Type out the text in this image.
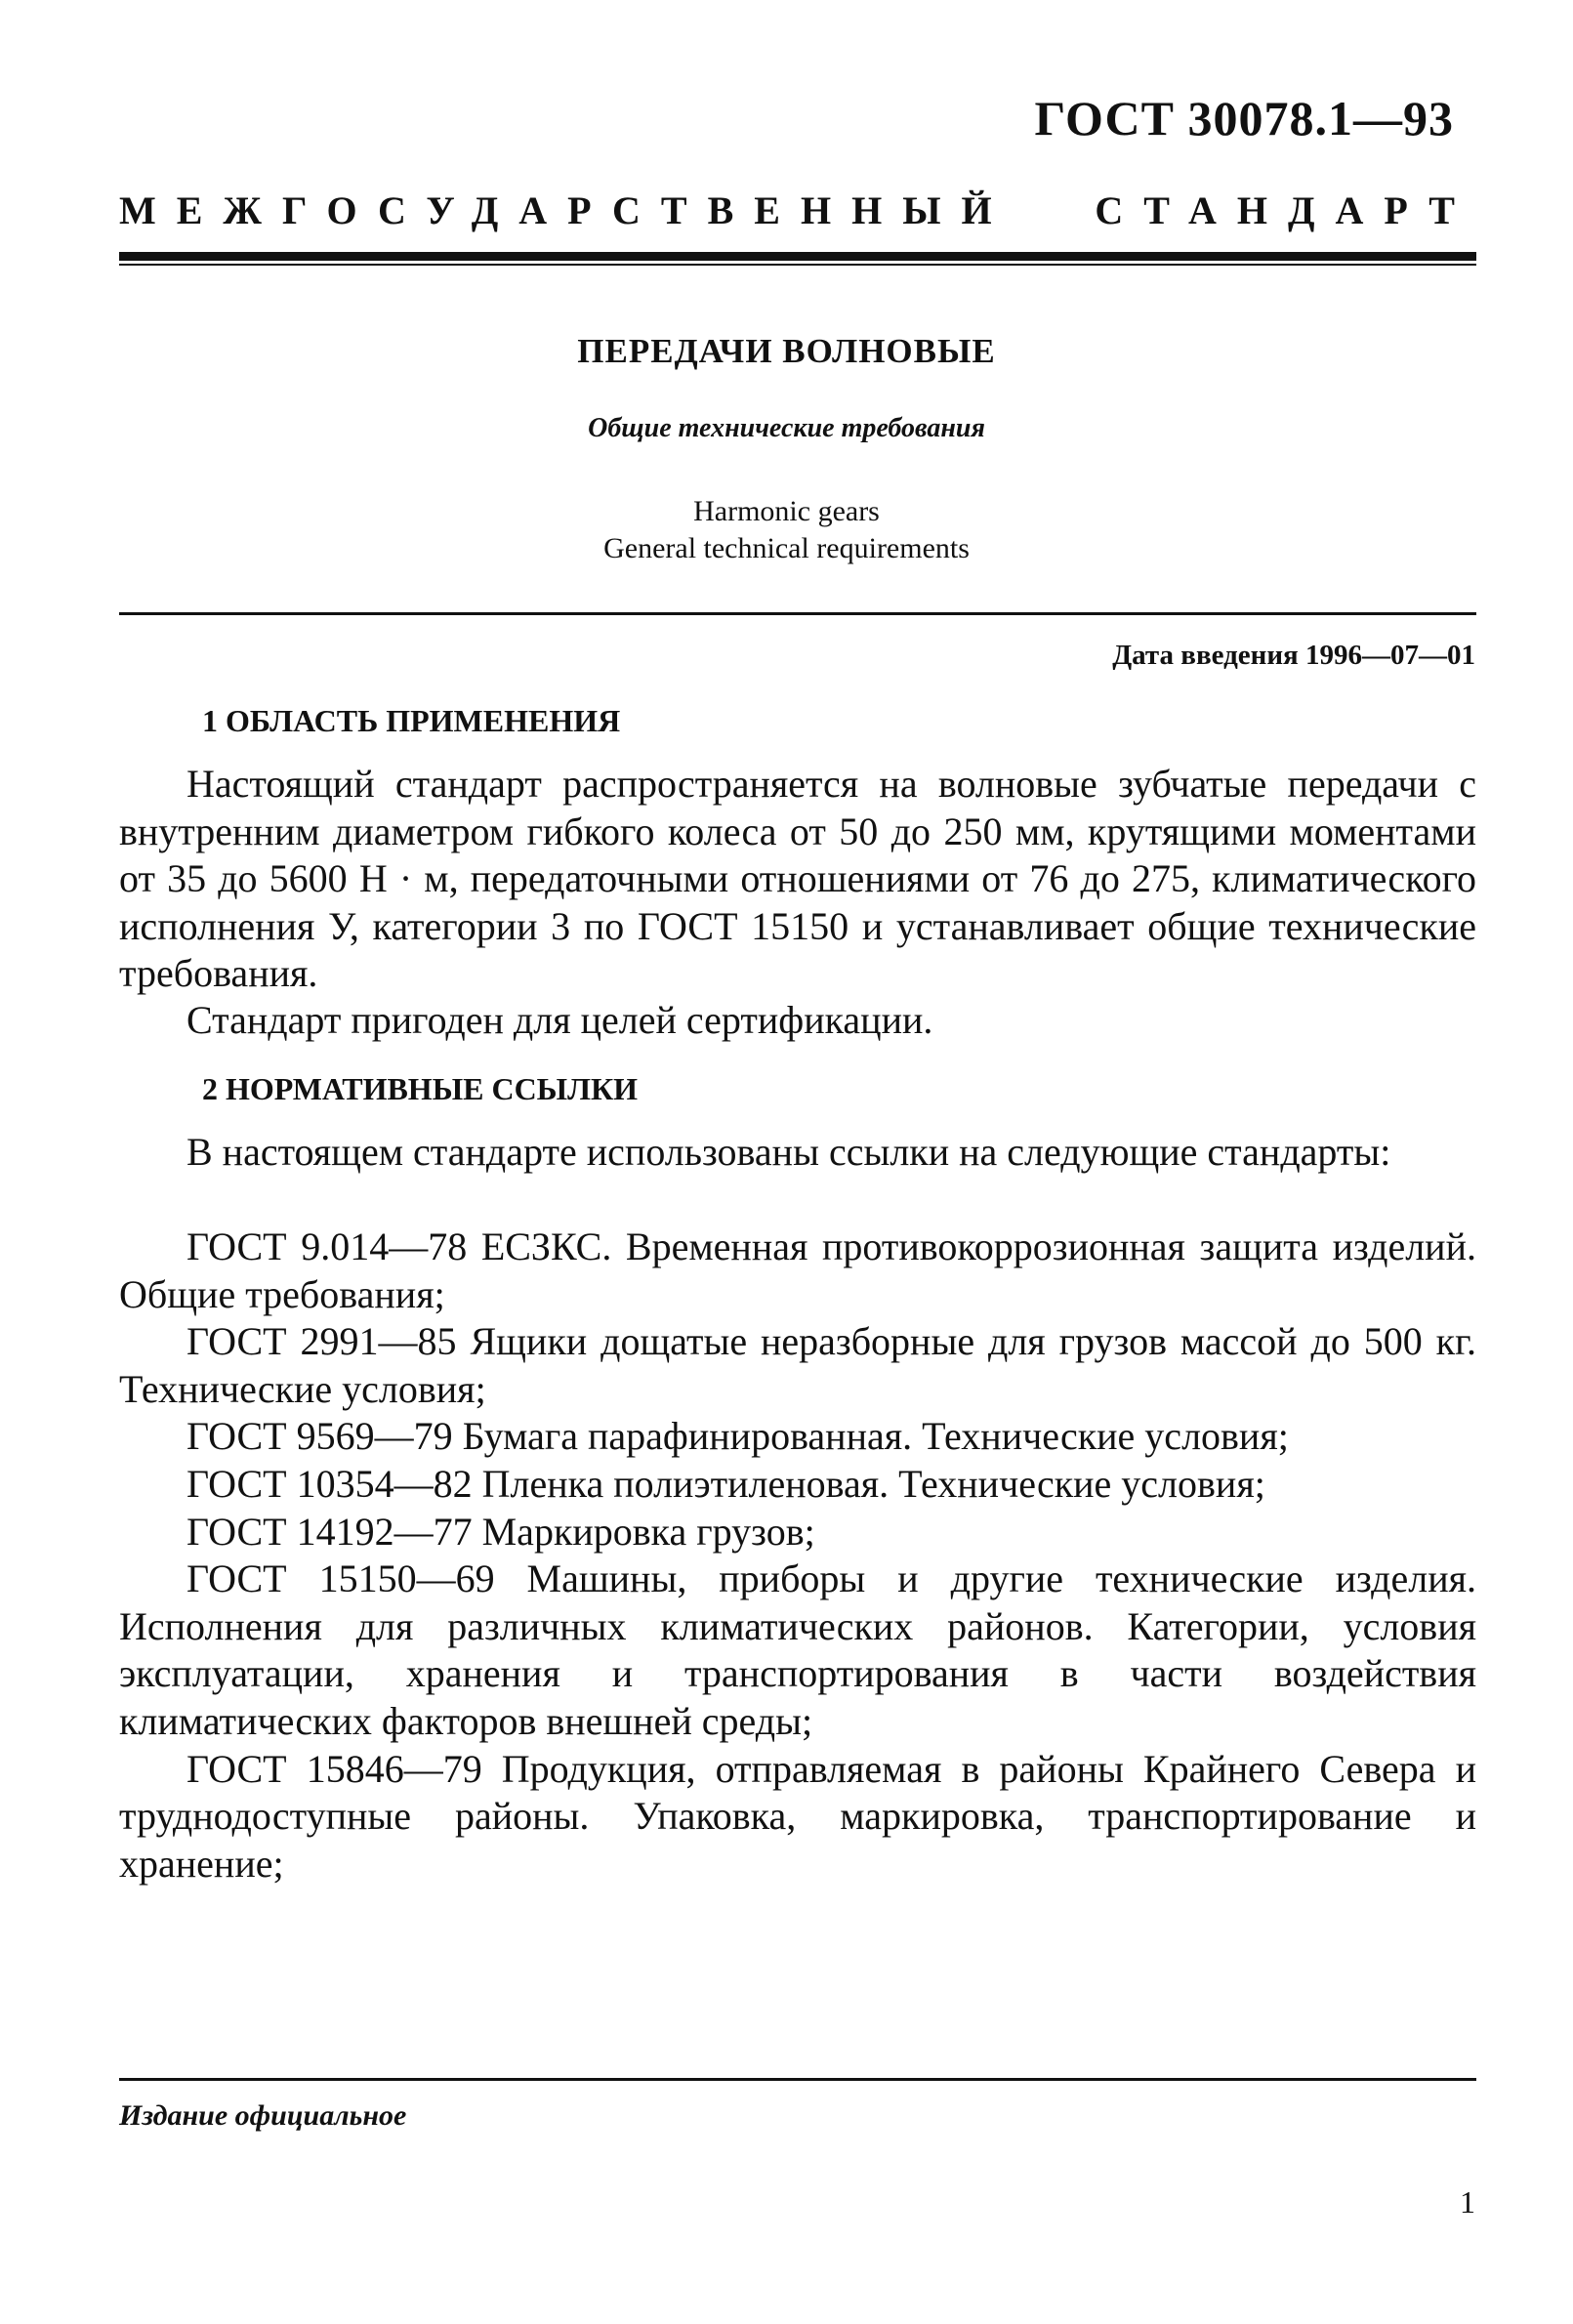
ГОСТ 30078.1—93
МЕЖГОСУДАРСТВЕННЫЙ СТАНДАРТ
ПЕРЕДАЧИ ВОЛНОВЫЕ
Общие технические требования
Harmonic gears
General technical requirements
Дата введения 1996—07—01
1 ОБЛАСТЬ ПРИМЕНЕНИЯ
Настоящий стандарт распространяется на волновые зубчатые передачи с внутренним диаметром гибкого колеса от 50 до 250 мм, крутящими моментами от 35 до 5600 Н · м, передаточными отношениями от 76 до 275, климатического исполнения У, категории 3 по ГОСТ 15150 и устанавливает общие технические требования.
Стандарт пригоден для целей сертификации.
2 НОРМАТИВНЫЕ ССЫЛКИ
В настоящем стандарте использованы ссылки на следующие стандарты:

ГОСТ 9.014—78 ЕСЗКС. Временная противокоррозионная защита изделий. Общие требования;

ГОСТ 2991—85 Ящики дощатые неразборные для грузов массой до 500 кг. Технические условия;

ГОСТ 9569—79 Бумага парафинированная. Технические условия;

ГОСТ 10354—82 Пленка полиэтиленовая. Технические условия;

ГОСТ 14192—77 Маркировка грузов;

ГОСТ 15150—69 Машины, приборы и другие технические изделия. Исполнения для различных климатических районов. Категории, условия эксплуатации, хранения и транспортирования в части воздействия климатических факторов внешней среды;

ГОСТ 15846—79 Продукция, отправляемая в районы Крайнего Севера и труднодоступные районы. Упаковка, маркировка, транспортирование и хранение;

Издание официальное
1
